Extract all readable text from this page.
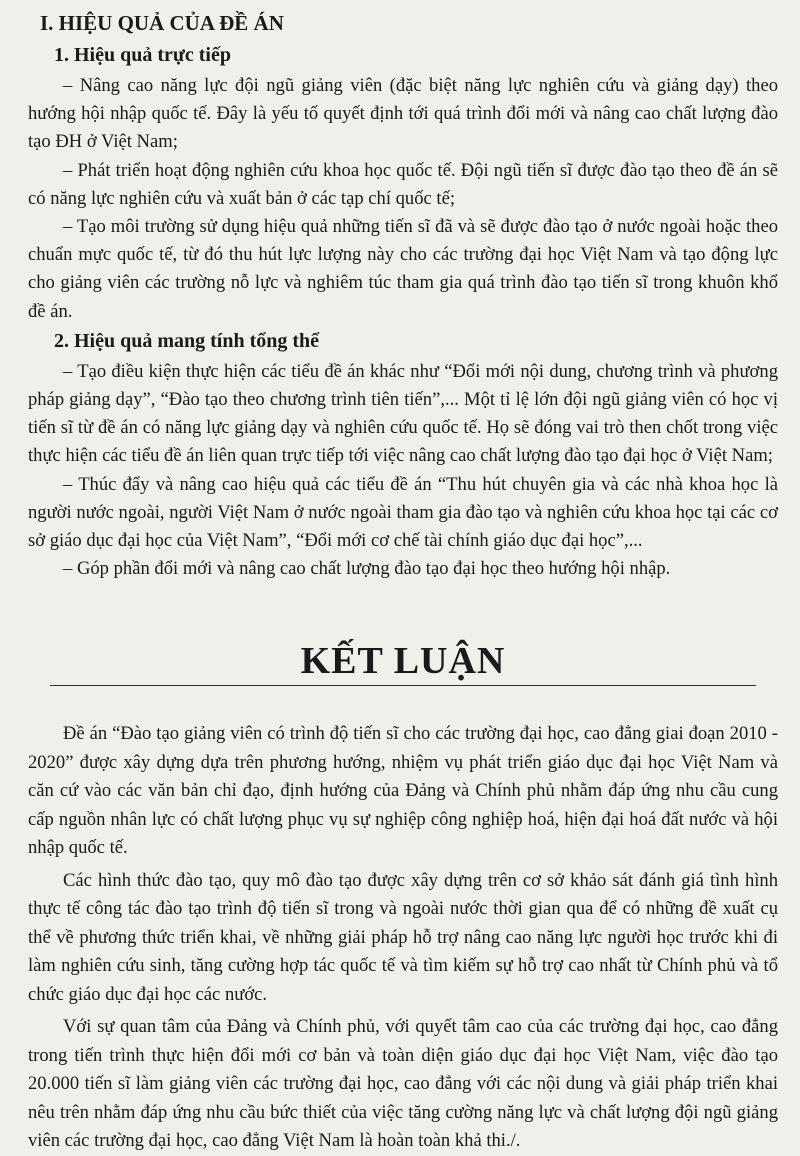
I. HIỆU QUẢ CỦA ĐỀ ÁN
1. Hiệu quả trực tiếp

– Nâng cao năng lực đội ngũ giảng viên (đặc biệt năng lực nghiên cứu và giảng dạy) theo hướng hội nhập quốc tế. Đây là yếu tố quyết định tới quá trình đổi mới và nâng cao chất lượng đào tạo ĐH ở Việt Nam;

– Phát triển hoạt động nghiên cứu khoa học quốc tế. Đội ngũ tiến sĩ được đào tạo theo đề án sẽ có năng lực nghiên cứu và xuất bản ở các tạp chí quốc tế;

– Tạo môi trường sử dụng hiệu quả những tiến sĩ đã và sẽ được đào tạo ở nước ngoài hoặc theo chuẩn mực quốc tế, từ đó thu hút lực lượng này cho các trường đại học Việt Nam và tạo động lực cho giảng viên các trường nỗ lực và nghiêm túc tham gia quá trình đào tạo tiến sĩ trong khuôn khổ đề án.

2. Hiệu quả mang tính tổng thể

– Tạo điều kiện thực hiện các tiểu đề án khác như “Đổi mới nội dung, chương trình và phương pháp giảng dạy”, “Đào tạo theo chương trình tiên tiến”,... Một tỉ lệ lớn đội ngũ giảng viên có học vị tiến sĩ từ đề án có năng lực giảng dạy và nghiên cứu quốc tế. Họ sẽ đóng vai trò then chốt trong việc thực hiện các tiểu đề án liên quan trực tiếp tới việc nâng cao chất lượng đào tạo đại học ở Việt Nam;

– Thúc đẩy và nâng cao hiệu quả các tiểu đề án “Thu hút chuyên gia và các nhà khoa học là người nước ngoài, người Việt Nam ở nước ngoài tham gia đào tạo và nghiên cứu khoa học tại các cơ sở giáo dục đại học của Việt Nam”, “Đổi mới cơ chế tài chính giáo dục đại học”,...

– Góp phần đổi mới và nâng cao chất lượng đào tạo đại học theo hướng hội nhập.

KẾT LUẬN

Đề án “Đào tạo giảng viên có trình độ tiến sĩ cho các trường đại học, cao đẳng giai đoạn 2010 - 2020” được xây dựng dựa trên phương hướng, nhiệm vụ phát triển giáo dục đại học Việt Nam và căn cứ vào các văn bản chỉ đạo, định hướng của Đảng và Chính phủ nhằm đáp ứng nhu cầu cung cấp nguồn nhân lực có chất lượng phục vụ sự nghiệp công nghiệp hoá, hiện đại hoá đất nước và hội nhập quốc tế.

Các hình thức đào tạo, quy mô đào tạo được xây dựng trên cơ sở khảo sát đánh giá tình hình thực tế công tác đào tạo trình độ tiến sĩ trong và ngoài nước thời gian qua để có những đề xuất cụ thể về phương thức triển khai, về những giải pháp hỗ trợ nâng cao năng lực người học trước khi đi làm nghiên cứu sinh, tăng cường hợp tác quốc tế và tìm kiếm sự hỗ trợ cao nhất từ Chính phủ và tổ chức giáo dục đại học các nước.

Với sự quan tâm của Đảng và Chính phủ, với quyết tâm cao của các trường đại học, cao đẳng trong tiến trình thực hiện đổi mới cơ bản và toàn diện giáo dục đại học Việt Nam, việc đào tạo 20.000 tiến sĩ làm giảng viên các trường đại học, cao đẳng với các nội dung và giải pháp triển khai nêu trên nhằm đáp ứng nhu cầu bức thiết của việc tăng cường năng lực và chất lượng đội ngũ giảng viên các trường đại học, cao đẳng Việt Nam là hoàn toàn khả thi./.
